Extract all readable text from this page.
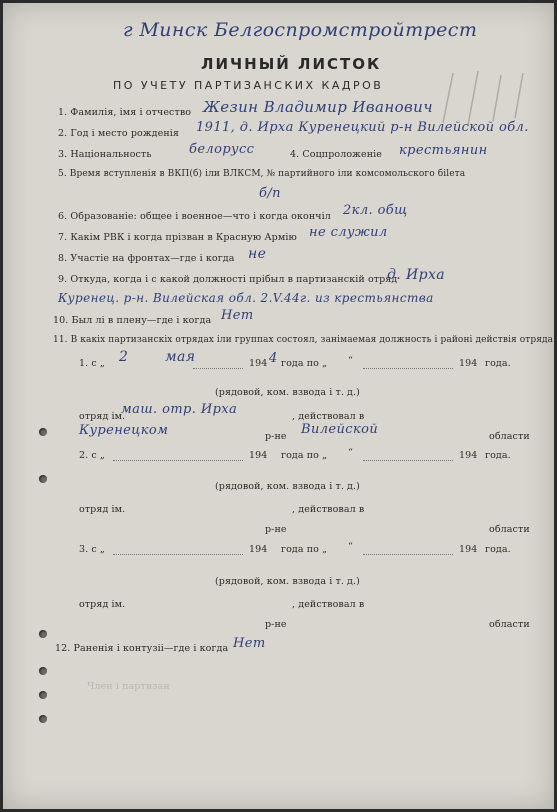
г Минск Белгоспромстройтрест
ЛИЧНЫЙ ЛИСТОК
ПО УЧЕТУ ПАРТИЗАНСКИХ КАДРОВ
1. Фамилія, імя і отчество Жезин Владимир Иванович
2. Год і место рожденія 1911, д. Ирха Куренецкий р-н Вилейской обл.
3. Національность	белорусс	4. Соцпроложеніе крестьянин
5. Время вступленія в ВКП(б) іли ВЛКСМ, № партийного іли комсомольского біleта
б/п
6. Образованіе: общее і военное—что і когда окончіл 2кл. общ
7. Какім РВК і когда прізван в Красную Армію не служил
8. Участіе на фронтах—где і когда не
9. Откуда, когда і с какой должності прібыл в партизанскій отряд
д. Ирха
Куренец. р-н. Вилейская обл. 2.V.44г. из крестьянства
10. Был лі в плену—где і когда Нет
11. В какіх партизанскіх отрядах іли группах состоял, занімаемая должность і районі действія отряда:
1. с „ 2	мая	194 4 года по „ “	194 года.
(рядовой, ком. взвода і т. д.)
отряд ім.
маш. отр. Ирха	, действовал в
Куренецком	р-не Вилейской	области
2. с „	194 года по „ “	194 года.
(рядовой, ком. взвода і т. д.)
отряд ім.	, действовал в
р-не	области
3. с „	194 года по „ “	194 года.
(рядовой, ком. взвода і т. д.)
отряд ім.	, действовал в
р-не	области
12. Раненія і контузіі—где і когда Нет
Член і партизан
